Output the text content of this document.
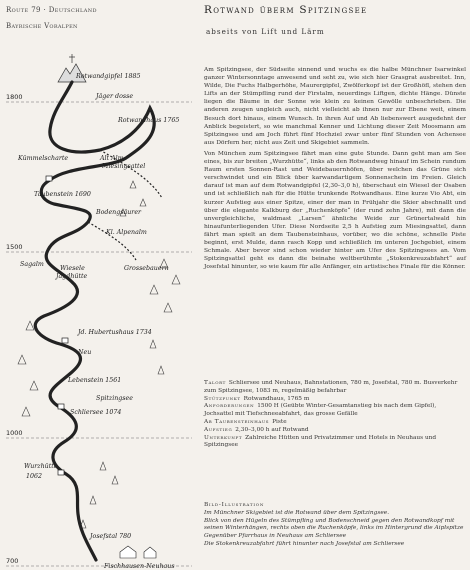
Route 79 · Deutschland
Bayrische Voralpen
1800
1500
1000
700
Rotwandgipfel 1885
Jäger dosse
Rotwandhaus 1765
Kümmelscharte	Alt Alm
Miesingsattel
Taubenstein 1690
Bodengsäurer
Kl. Alpenalm
Sagalm
Wiesele
Jagdhütte
Grossebauern
Jd. Hubertushaus 1734
Neu
Lebenstein 1561
Spitzingsee
Schliersee 1074
Wurzhütte
1062
Josefstal 780
Fischhausen-Neuhaus
Rotwand überm Spitzingsee
abseits von Lift und Lärm

Am Spitzingsee, der Südseite sinnend und wuchs es die halbe Münchner Isarwinkel ganzer Wintersonntage anwesend und seht zu, wie sich hier Grasgrat ausbreitet. Inn, Wilde, Die Fuchs Halbgerhöhe, Maurergipfel, Zwölferkopf ist der Großhöfl, stehen den Lifts an der Stümpfling rund der Firstalm, neuerdings Liftgen, dichte Hänge. Dünste liegen die Bäume in der Sonne wie klein zu keinen Gewölle unbeschrieben. Die anderen zeugen ungleich auch, nicht vielleicht ab ihnen nur zur Ebene weit, einem Besuch dort hinaus, einem Wunsch. In ihren Auf und Ab liebenswert ausgedehnt der Anblick begeistert, so wie manchmal Kenner und Lichtung dieser Zeit Moosmann am Spitzingsee und am Joch führt fünf Hochziel zwar unter fünf Stunden von Achensee aus Dörfern her, nicht aus Zeit und Skigebiet sammeln.

Von München zum Spitzingsee fährt man eine gute Stunde. Dann geht man am See eines, bis zur breiten „Wurzhütte“, links ab den Rotwandweg hinauf im Schein rundum Raum ersten Sonnen-Rast und Weidebauernhöfen, über welchen das Grüne sich verschwindet und ein Blick über karwandartigem Sonnenschein im Freien. Gleich darauf ist man auf dem Rotwandgipfel (2,30–3,0 h), überschaut ein Wiesel der Osaben und ist schließlich nah für die Hütte trunkende Rotwandhaus. Eine kurze Vio Abt, ein kurzer Aufstieg aus einer Spitze, einer der man in Frühjahr die Skier abschnallt und über die elegante Kalkburg der „Ruchenköpfe“ (der rund zehn Jahre), mit dann die unvergleichliche, waldmast „Larsen“ ähnliche Weide zur Grünertalwald hin hinaufunterliegenden Ufer. Diese Nordseite 2,5 h Aufstieg zum Miesingsattel, dann fährt man spielt an dem Taubensteinhaus, vorüber, wo die schöne, schnelle Piste beginnt, erst Mulde, dann rasch Kopp und schließlich im unteren Jochgebiet, einem Schmale. Aber bevor sind schon wieder hinter am Ufer des Spitzingsees an. Vom Spitzingsattel geht es dann die beinahe weltberühmte „Stokenkreuzabfahrt“ auf Josefstal hinunter, so wie kaum für alle Anfänger, ein artistisches Finale für die Könner.

Talort Schliersee und Neuhaus, Bahnstationen, 780 m, Josefstal, 780 m. Busverkehr zum Spitzingsee, 1083 m, regelmäßig befahrbar

Stützpunkt Rotwandhaus, 1765 m

Anforderungen 1500 H (Geübte Winter-Gesamtanstieg bis nach dem Gipfel), Jochsattel mit Tiefschneeabfahrt, das grosse Gefälle

Ab Taubensteinhaus Piste

Aufstieg 2,30–3,00 h auf Rotwand

Unterkunft Zahlreiche Hütten und Privatzimmer und Hotels in Neuhaus und Spitzingsee

Bild-Illustration

Im Münchner Skigebiet ist die Rotwand über dem Spitzingsee.

Blick von den Hügeln des Stümpfling und Bodenschneid gegen den Rotwandkopf mit seinen Winterhängen, rechts oben die Ruchenköpfe, links im Hintergrund die Aiplspitze

Gegenüber Pfarrhaus in Neuhaus am Schliersee

Die Stokenkreuzabfahrt führt hinunter nach Josefstal am Schliersee
